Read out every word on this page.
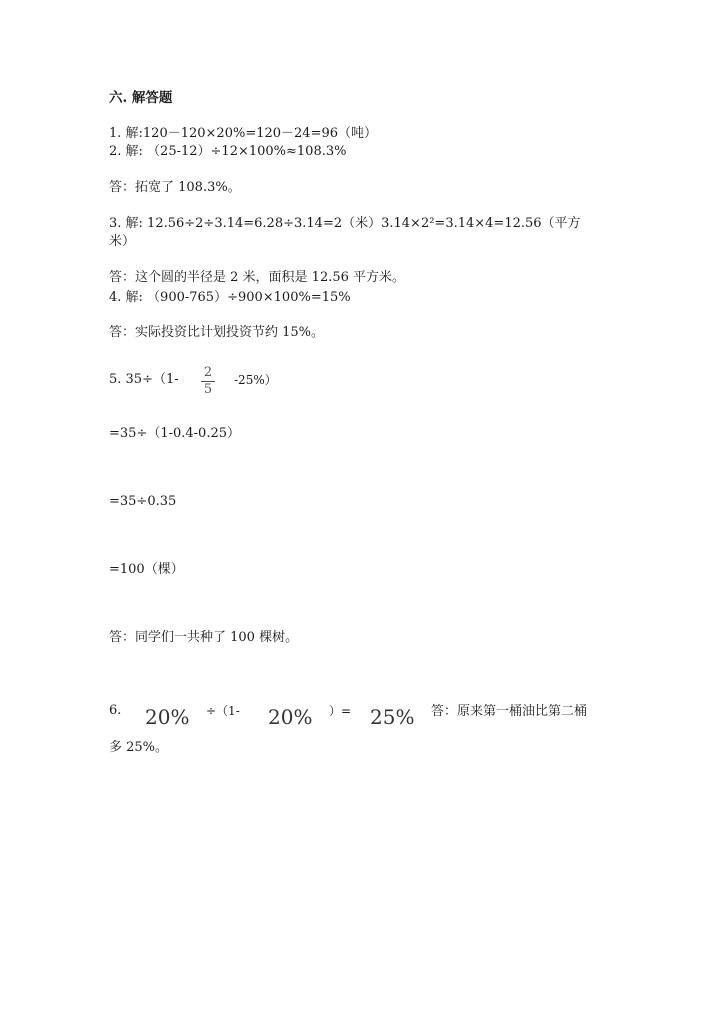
六. 解答题
1. 解:120－120×20%=120－24=96（吨）
2. 解: （25-12）÷12×100%≈108.3%
答：拓宽了 108.3%。
3. 解: 12.56÷2÷3.14=6.28÷3.14=2（米）3.14×2²=3.14×4=12.56（平方
米）
答：这个圆的半径是 2 米，面积是 12.56 平方米。
4. 解: （900-765）÷900×100%=15%
答：实际投资比计划投资节约 15%。
5. 35÷（1- 2
5
-25%）
=35÷（1-0.4-0.25）
=35÷0.35
=100（棵）
答：同学们一共种了 100 棵树。
6. 20% ÷（1- 20% ）= 25% 答：原来第一桶油比第二桶
多 25%。
